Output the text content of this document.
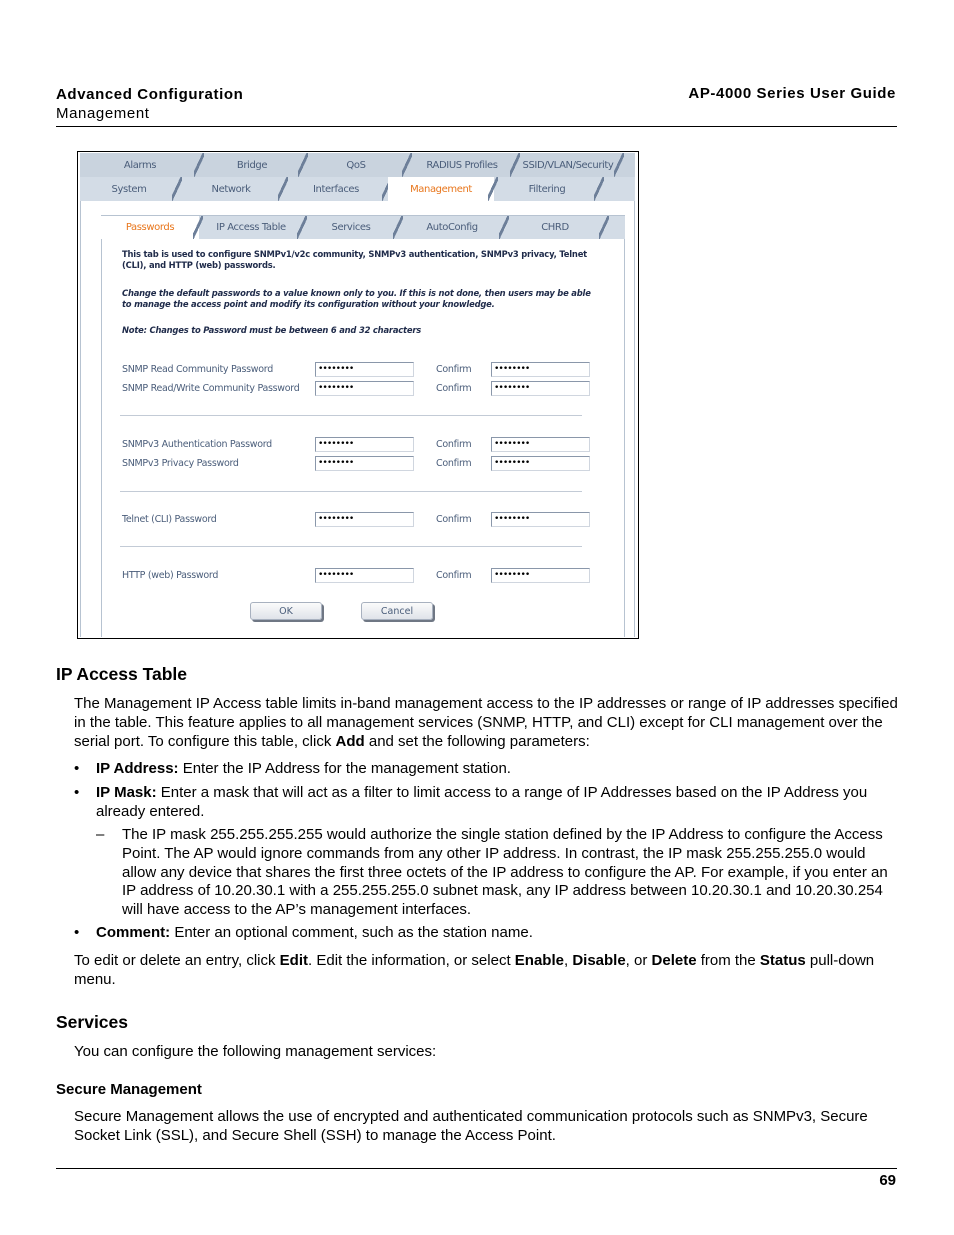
Advanced Configuration
Management
AP-4000 Series User Guide
Alarms	Bridge	QoS	RADIUS Profiles SSID/VLAN/Security
System	Network	Interfaces	Management	Filtering
Passwords	IP Access Table	Services	AutoConfig	CHRD
This tab is used to configure SNMPv1/v2c community, SNMPv3 authentication, SNMPv3 privacy, Telnet (CLI), and HTTP (web) passwords.
Change the default passwords to a value known only to you. If this is not done, then users may be able to manage the access point and modify its configuration without your knowledge.
Note: Changes to Password must be between 6 and 32 characters
SNMP Read Community Password	••••••••	Confirm	••••••••
SNMP Read/Write Community Password	••••••••	Confirm	••••••••
SNMPv3 Authentication Password	••••••••	Confirm	••••••••
SNMPv3 Privacy Password	••••••••	Confirm	••••••••
Telnet (CLI) Password	••••••••	Confirm	••••••••
HTTP (web) Password	••••••••	Confirm	••••••••
OK	Cancel
IP Access Table
The Management IP Access table limits in-band management access to the IP addresses or range of IP addresses specified in the table. This feature applies to all management services (SNMP, HTTP, and CLI) except for CLI management over the serial port. To configure this table, click Add and set the following parameters:
• IP Address: Enter the IP Address for the management station.
• IP Mask: Enter a mask that will act as a filter to limit access to a range of IP Addresses based on the IP Address you already entered.
– The IP mask 255.255.255.255 would authorize the single station defined by the IP Address to configure the Access Point. The AP would ignore commands from any other IP address. In contrast, the IP mask 255.255.255.0 would allow any device that shares the first three octets of the IP address to configure the AP. For example, if you enter an IP address of 10.20.30.1 with a 255.255.255.0 subnet mask, any IP address between 10.20.30.1 and 10.20.30.254 will have access to the AP’s management interfaces.
• Comment: Enter an optional comment, such as the station name.
To edit or delete an entry, click Edit. Edit the information, or select Enable, Disable, or Delete from the Status pull-down menu.
Services
You can configure the following management services:
Secure Management
Secure Management allows the use of encrypted and authenticated communication protocols such as SNMPv3, Secure Socket Link (SSL), and Secure Shell (SSH) to manage the Access Point.
69
